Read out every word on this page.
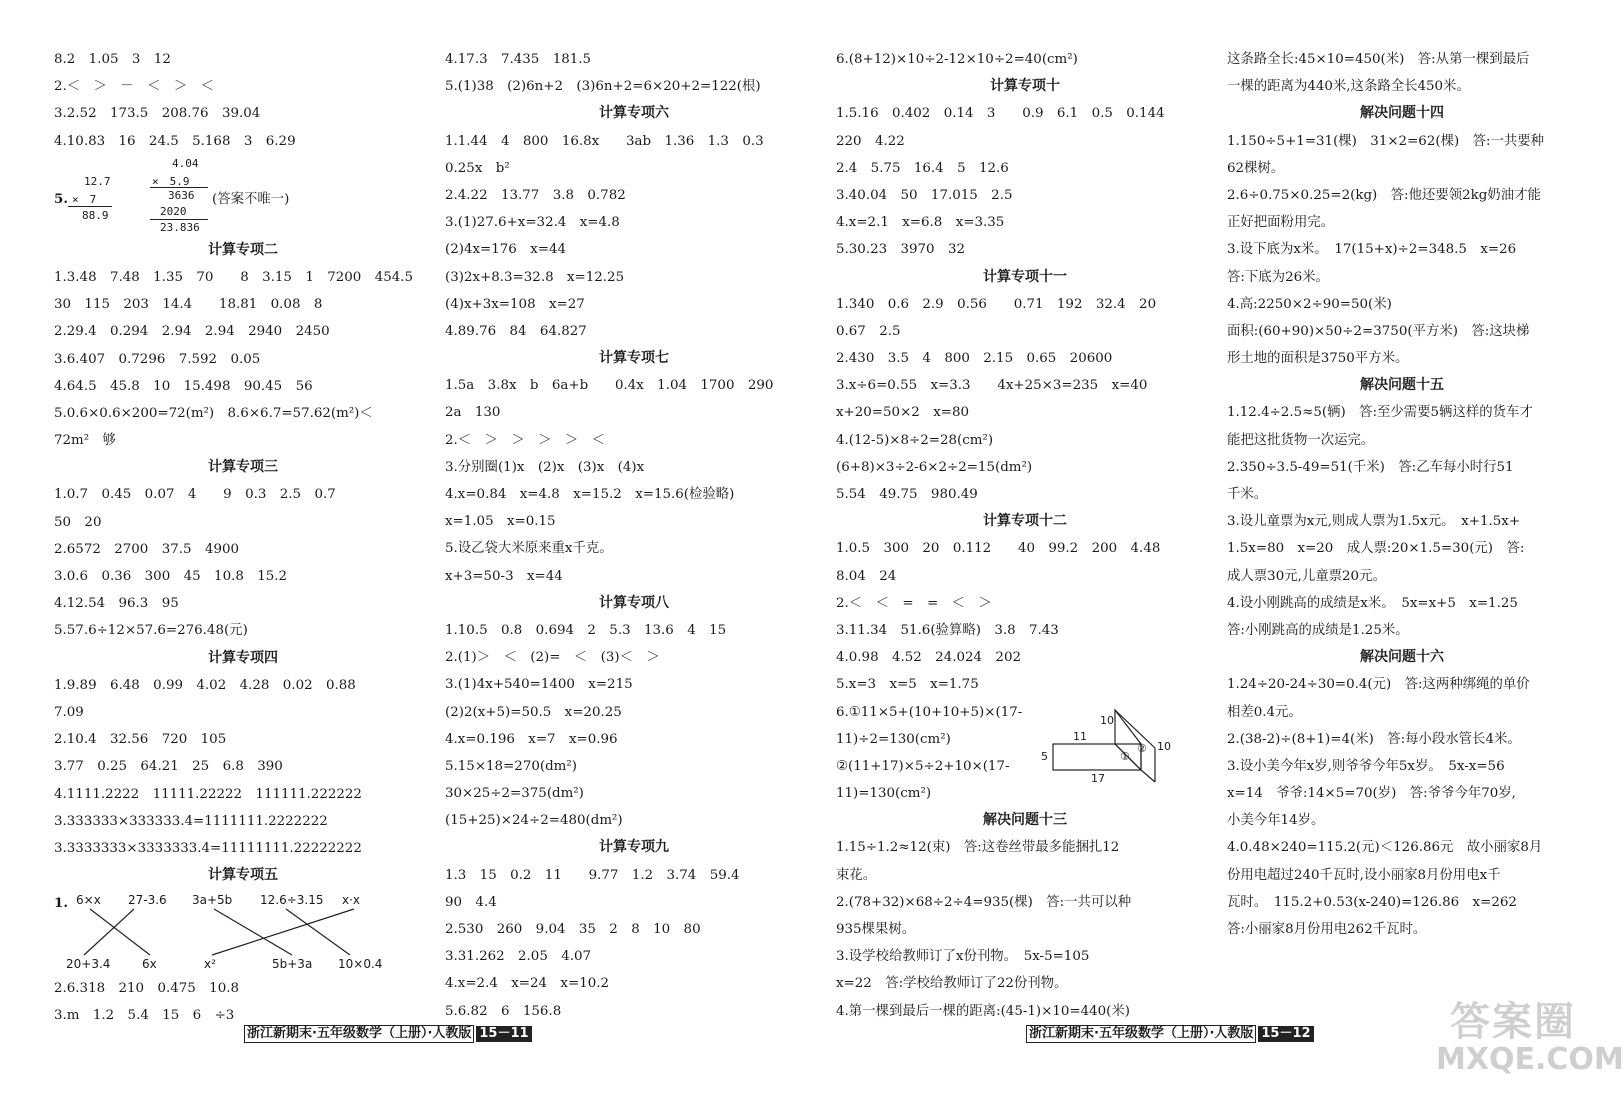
8.2　1.05　3　12
2.＜　＞　－　＜　＞　＜
3.2.52　173.5　208.76　39.04
4.10.83　16　24.5　5.168　3　6.29
5.
12.7
×　7
88.9
4.04
×　5.9
3636
2020
23.836
(答案不唯一)
计算专项二
1.3.48　7.48　1.35　70　　8　3.15　1　7200　454.5
30　115　203　14.4　　18.81　0.08　8
2.29.4　0.294　2.94　2.94　2940　2450
3.6.407　0.7296　7.592　0.05
4.64.5　45.8　10　15.498　90.45　56
5.0.6×0.6×200=72(m²)　8.6×6.7=57.62(m²)＜
72m²　够
计算专项三
1.0.7　0.45　0.07　4　　9　0.3　2.5　0.7
50　20
2.6572　2700　37.5　4900
3.0.6　0.36　300　45　10.8　15.2
4.12.54　96.3　95
5.57.6÷12×57.6=276.48(元)
计算专项四
1.9.89　6.48　0.99　4.02　4.28　0.02　0.88
7.09
2.10.4　32.56　720　105
3.77　0.25　64.21　25　6.8　390
4.1111.2222　11111.22222　111111.222222
3.333333×333333.4=1111111.2222222
3.3333333×3333333.4=11111111.22222222
计算专项五
1. 6×x 27-3.6 3a+5b 12.6÷3.15 x·x
20+3.4	6x	x²	5b+3a 10×0.4
2.6.318　210　0.475　10.8
3.m　1.2　5.4　15　6　÷3
4.17.3　7.435　181.5
5.(1)38　(2)6n+2　(3)6n+2=6×20+2=122(根)
计算专项六
1.1.44　4　800　16.8x　　3ab　1.36　1.3　0.3
0.25x　b²
2.4.22　13.77　3.8　0.782
3.(1)27.6+x=32.4　x=4.8
(2)4x=176　x=44
(3)2x+8.3=32.8　x=12.25
(4)x+3x=108　x=27
4.89.76　84　64.827
计算专项七
1.5a　3.8x　b　6a+b　　0.4x　1.04　1700　290
2a　130
2.＜　＞　＞　＞　＞　＜
3.分别圈(1)x　(2)x　(3)x　(4)x
4.x=0.84　x=4.8　x=15.2　x=15.6(检验略)
x=1.05　x=0.15
5.设乙袋大米原来重x千克。
x+3=50-3　x=44
计算专项八
1.10.5　0.8　0.694　2　5.3　13.6　4　15
2.(1)＞　＜　(2)=　＜　(3)＜　＞
3.(1)4x+540=1400　x=215
(2)2(x+5)=50.5　x=20.25
4.x=0.196　x=7　x=0.96
5.15×18=270(dm²)
30×25÷2=375(dm²)
(15+25)×24÷2=480(dm²)
计算专项九
1.3　15　0.2　11　　9.77　1.2　3.74　59.4
90　4.4
2.530　260　9.04　35　2　8　10　80
3.31.262　2.05　4.07
4.x=2.4　x=24　x=10.2
5.6.82　6　156.8
6.(8+12)×10÷2-12×10÷2=40(cm²)
计算专项十
1.5.16　0.402　0.14　3　　0.9　6.1　0.5　0.144
220　4.22
2.4　5.75　16.4　5　12.6
3.40.04　50　17.015　2.5
4.x=2.1　x=6.8　x=3.35
5.30.23　3970　32
计算专项十一
1.340　0.6　2.9　0.56　　0.71　192　32.4　20
0.67　2.5
2.430　3.5　4　800　2.15　0.65　20600
3.x÷6=0.55　x=3.3　　4x+25×3=235　x=40
x+20=50×2　x=80
4.(12-5)×8÷2=28(cm²)
(6+8)×3÷2-6×2÷2=15(dm²)
5.54　49.75　980.49
计算专项十二
1.0.5　300　20　0.112　　40　99.2　200　4.48
8.04　24
2.＜　＜　=　=　＜　＞
3.11.34　51.6(验算略)　3.8　7.43
4.0.98　4.52　24.024　202
5.x=3　x=5　x=1.75
6.①11×5+(10+10+5)×(17-
11)÷2=130(cm²)
②(11+17)×5÷2+10×(17-
11)=130(cm²)
解决问题十三
1.15÷1.2≈12(束)　答:这卷丝带最多能捆扎12
束花。
2.(78+32)×68÷2÷4=935(棵)　答:一共可以种
935棵果树。
3.设学校给教师订了x份刊物。　5x-5=105
x=22　答:学校给教师订了22份刊物。
4.第一棵到最后一棵的距离:(45-1)×10=440(米)
10
11
10
5
17
①
②
这条路全长:45×10=450(米)　答:从第一棵到最后
一棵的距离为440米,这条路全长450米。
解决问题十四
1.150÷5+1=31(棵)　31×2=62(棵)　答:一共要种
62棵树。
2.6÷0.75×0.25=2(kg)　答:他还要领2kg奶油才能
正好把面粉用完。
3.设下底为x米。　17(15+x)÷2=348.5　x=26
答:下底为26米。
4.高:2250×2÷90=50(米)
面积:(60+90)×50÷2=3750(平方米)　答:这块梯
形土地的面积是3750平方米。
解决问题十五
1.12.4÷2.5≈5(辆)　答:至少需要5辆这样的货车才
能把这批货物一次运完。
2.350÷3.5-49=51(千米)　答:乙车每小时行51
千米。
3.设儿童票为x元,则成人票为1.5x元。　x+1.5x+
1.5x=80　x=20　成人票:20×1.5=30(元)　答:
成人票30元,儿童票20元。
4.设小刚跳高的成绩是x米。　5x=x+5　x=1.25
答:小刚跳高的成绩是1.25米。
解决问题十六
1.24÷20-24÷30=0.4(元)　答:这两种绑绳的单价
相差0.4元。
2.(38-2)÷(8+1)=4(米)　答:每小段水管长4米。
3.设小美今年x岁,则爷爷今年5x岁。　5x-x=56
x=14　爷爷:14×5=70(岁)　答:爷爷今年70岁,
小美今年14岁。
4.0.48×240=115.2(元)＜126.86元　故小丽家8月
份用电超过240千瓦时,设小丽家8月份用电x千
瓦时。　115.2+0.53(x-240)=126.86　x=262
答:小丽家8月份用电262千瓦时。
浙江新期末·五年级数学（上册）·人教版 15－11	浙江新期末·五年级数学（上册）·人教版 15－12	答案圈
MXQE.COM
